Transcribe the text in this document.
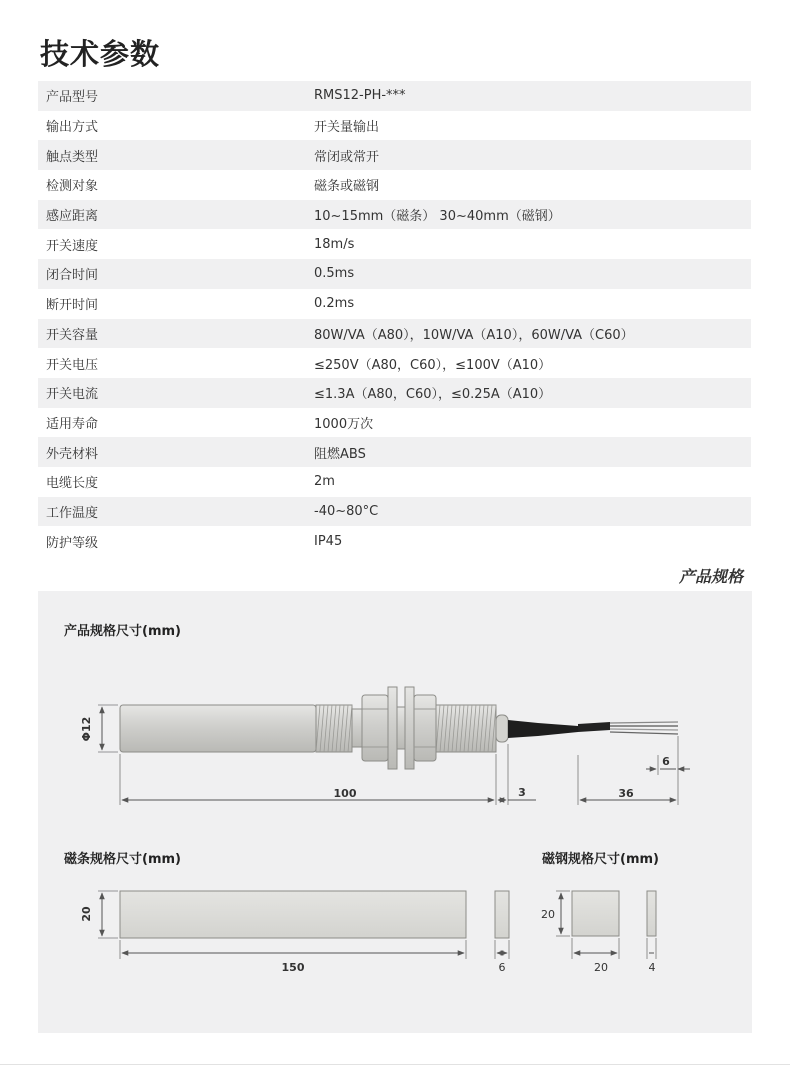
技术参数
产品型号	RMS12-PH-***
输出方式	开关量输出
触点类型	常闭或常开
检测对象	磁条或磁钢
感应距离	10~15mm（磁条） 30~40mm（磁钢）
开关速度	18m/s
闭合时间	0.5ms
断开时间	0.2ms
开关容量	80W/VA（A80），10W/VA（A10），60W/VA（C60）
开关电压	≤250V（A80，C60），≤100V（A10）
开关电流	≤1.3A（A80，C60），≤0.25A（A10）
适用寿命	1000万次
外壳材料	阻燃ABS
电缆长度	2m
工作温度	-40~80°C
防护等级	IP45
产品规格
产品规格尺寸(mm)
磁条规格尺寸(mm)	磁钢规格尺寸(mm)
Φ12
100	3	36
6
20
150	6
20
20	4
